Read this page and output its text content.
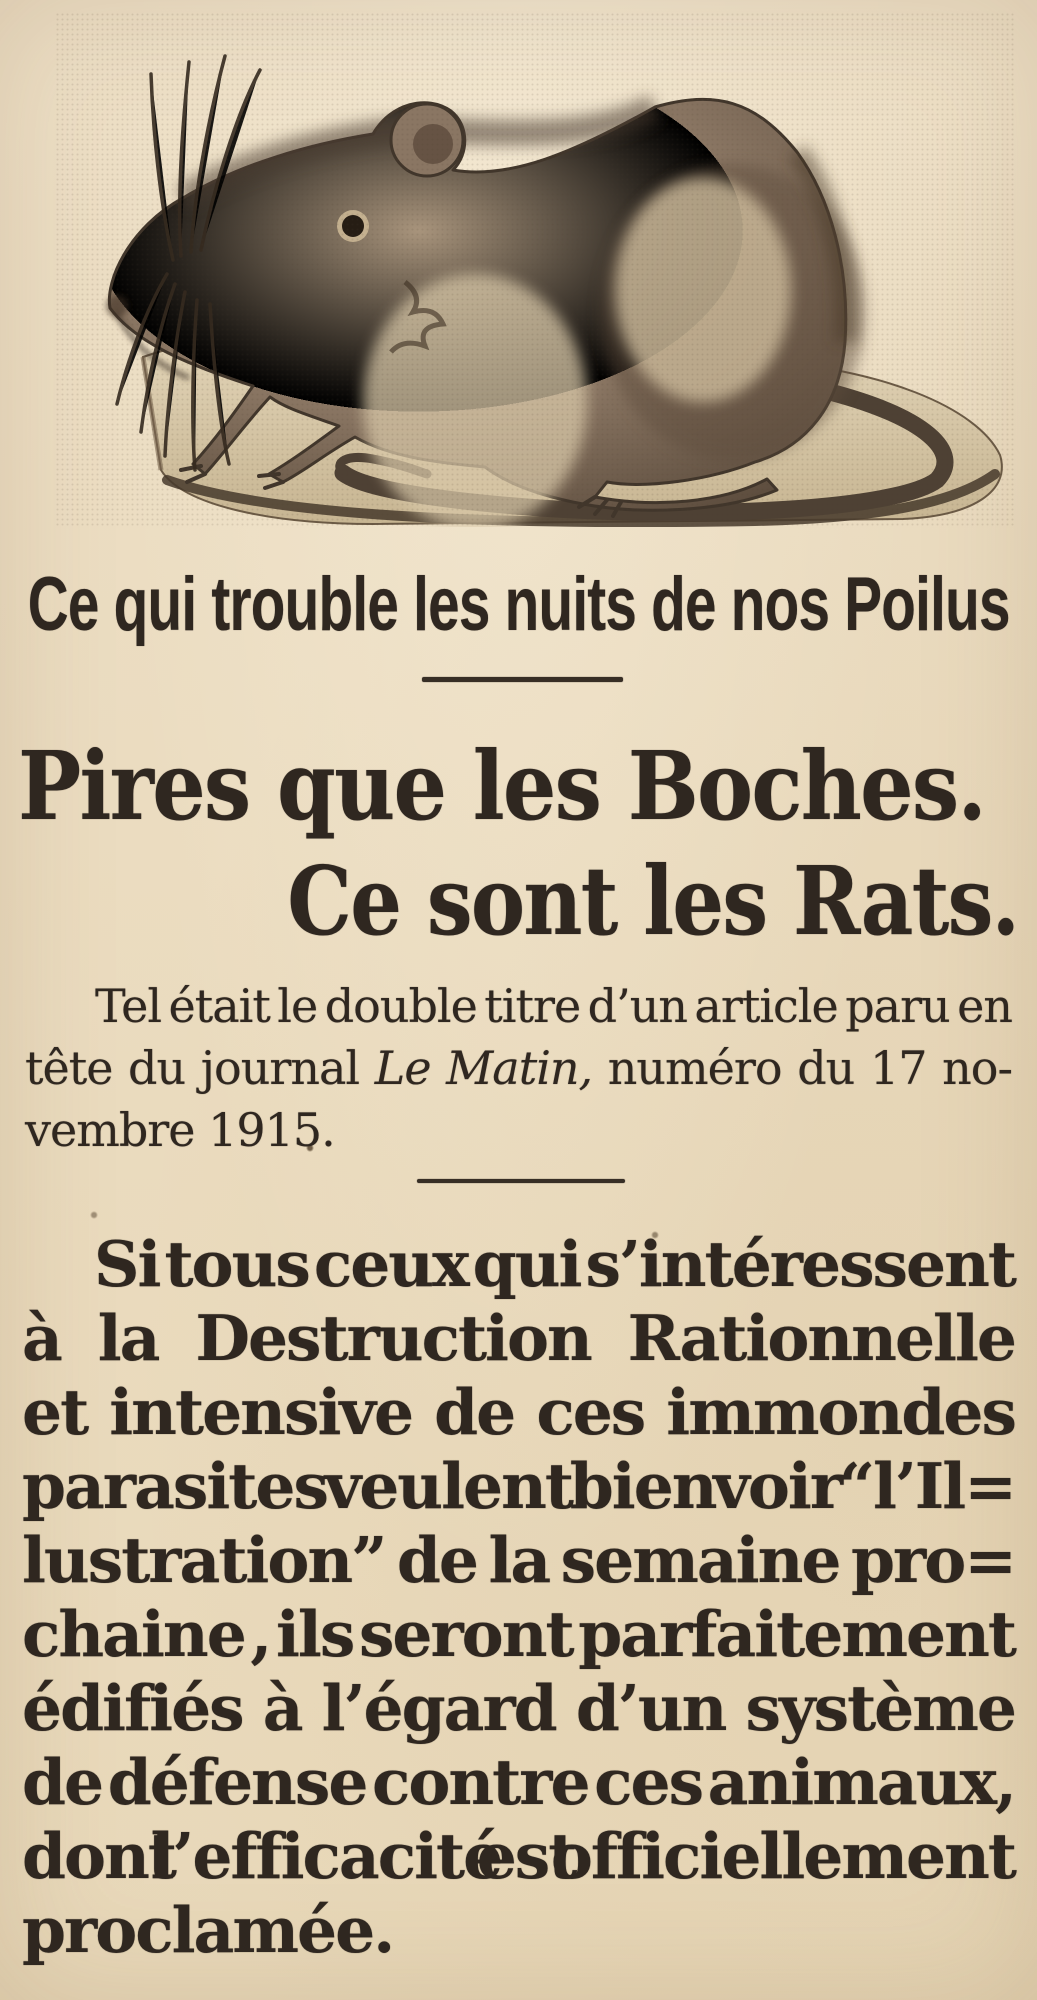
Ce qui trouble les nuits de nos Poilus
Pires que les Boches.
Ce sont les Rats.
Tel était le double titre d’un article paru en
tête du journal Le Matin, numéro du 17 no-
vembre 1915.
Si tous ceux qui s’intéressent
à la Destruction Rationnelle
et intensive de ces immondes
parasites veulent bien voir “l’Il=
lustration” de la semaine pro=
chaine , ils seront parfaitement
édifiés à l’égard d’un système
de défense contre ces animaux,
dont l’efficacité est officiellement
proclamée.
